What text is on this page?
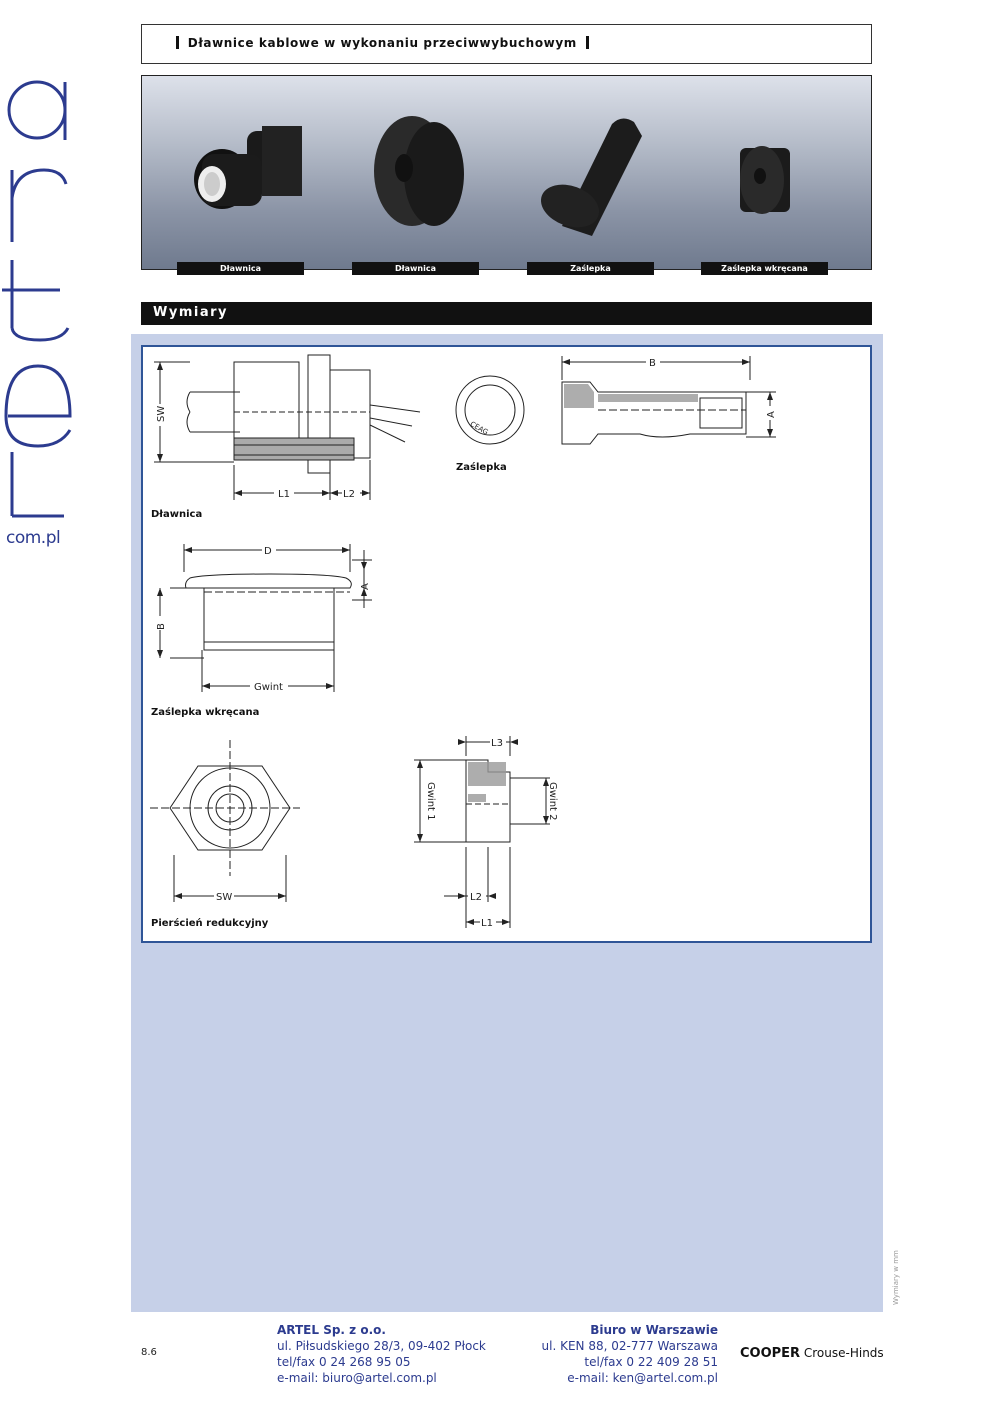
com.pl
Dławnice kablowe w wykonaniu przeciwwybuchowym
Dławnica	Dławnica	Zaślepka	Zaślepka wkręcana
Wymiary
SW
L1	L2
Dławnica
CEAG
Zaślepka
B
A
D
A
B
Gwint
Zaślepka wkręcana
SW
Pierścień redukcyjny
L3
Gwint 1	Gwint 2
L2
L1
Wymiary w mm
8.6
ARTEL Sp. z o.o.
ul. Piłsudskiego 28/3, 09-402 Płock
tel/fax 0 24 268 95 05
e-mail: biuro@artel.com.pl
Biuro w Warszawie
ul. KEN 88, 02-777 Warszawa
tel/fax 0 22 409 28 51
e-mail: ken@artel.com.pl
COOPER Crouse-Hinds
